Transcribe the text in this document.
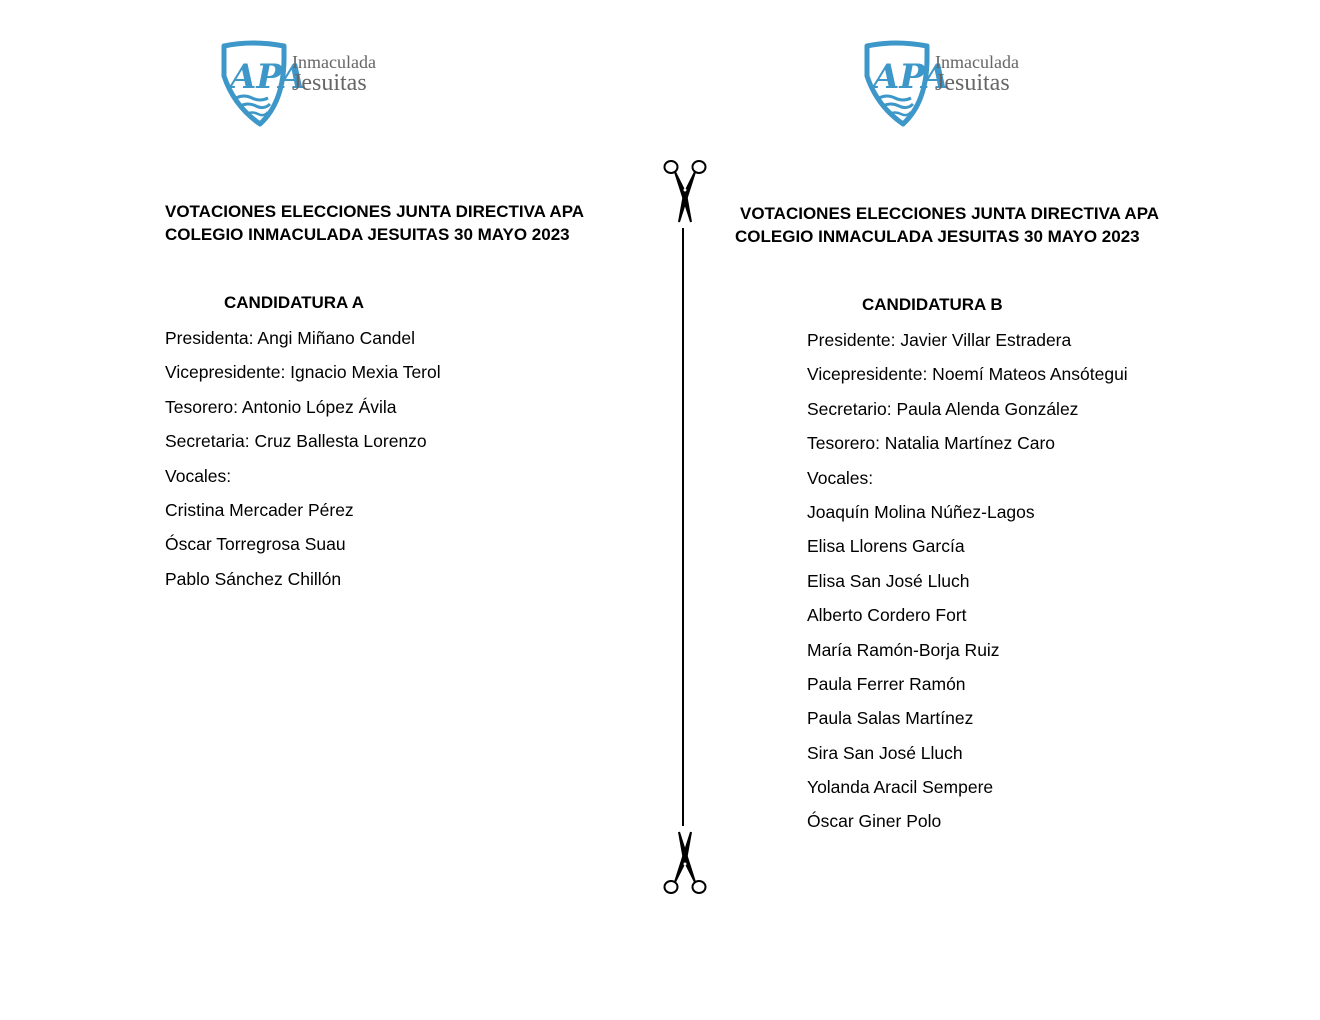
APA
Inmaculada
Jesuitas	APA
Inmaculada
Jesuitas
VOTACIONES ELECCIONES JUNTA DIRECTIVA APA
COLEGIO INMACULADA JESUITAS 30 MAYO 2023
CANDIDATURA A
Presidenta: Angi Miñano Candel
Vicepresidente: Ignacio Mexia Terol
Tesorero: Antonio López Ávila
Secretaria: Cruz Ballesta Lorenzo
Vocales:
Cristina Mercader Pérez
Óscar Torregrosa Suau
Pablo Sánchez Chillón
VOTACIONES ELECCIONES JUNTA DIRECTIVA APA
COLEGIO INMACULADA JESUITAS 30 MAYO 2023
CANDIDATURA B
Presidente: Javier Villar Estradera
Vicepresidente: Noemí Mateos Ansótegui
Secretario: Paula Alenda González
Tesorero: Natalia Martínez Caro
Vocales:
Joaquín Molina Núñez-Lagos
Elisa Llorens García
Elisa San José Lluch
Alberto Cordero Fort
María Ramón-Borja Ruiz
Paula Ferrer Ramón
Paula Salas Martínez
Sira San José Lluch
Yolanda Aracil Sempere
Óscar Giner Polo
